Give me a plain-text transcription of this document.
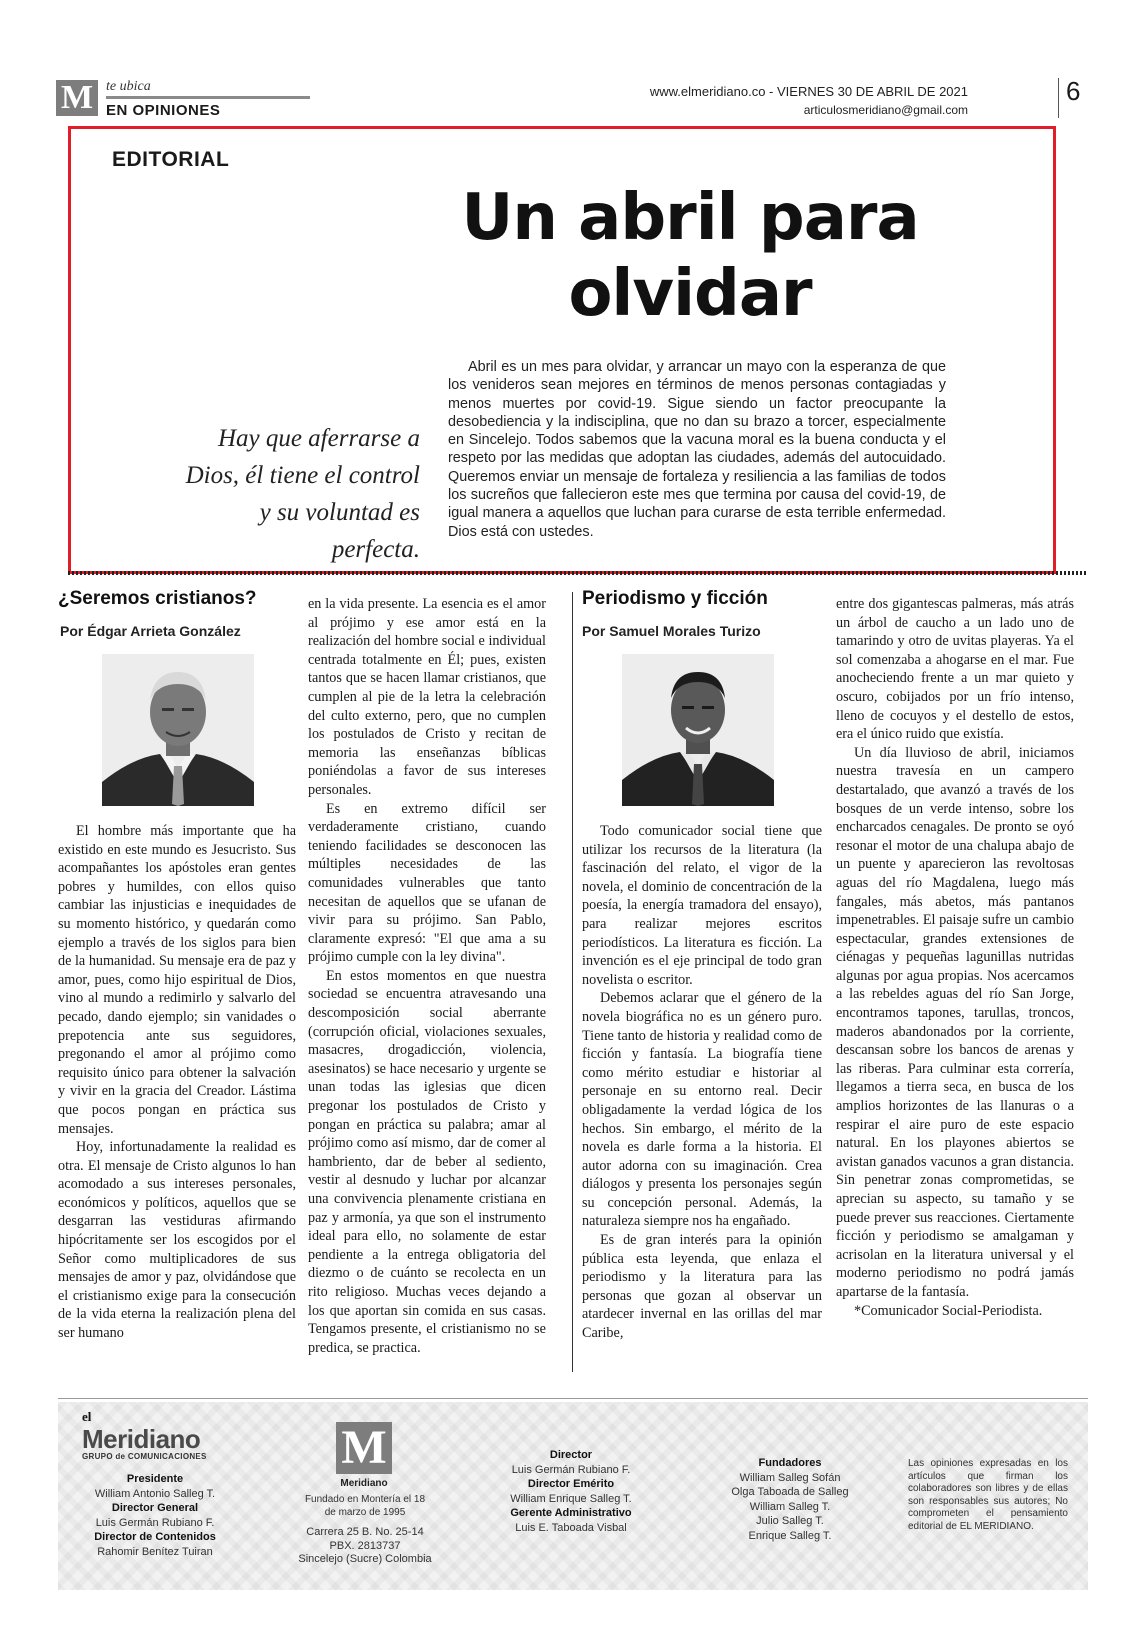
M te ubica
EN OPINIONES
www.elmeridiano.co - VIERNES 30 DE ABRIL DE 2021
articulosmeridiano@gmail.com
6
EDITORIAL
Un abril para
olvidar
Hay que aferrarse a Dios, él tiene el control y su voluntad es perfecta.
Abril es un mes para olvidar, y arrancar un mayo con la esperanza de que los venideros sean mejores en términos de menos personas contagiadas y menos muertes por covid-19. Sigue siendo un factor preocupante la desobediencia y la indisciplina, que no dan su brazo a torcer, especialmente en Sincelejo. Todos sabemos que la vacuna moral es la buena conducta y el respeto por las medidas que adoptan las ciudades, además del autocuidado. Queremos enviar un mensaje de fortaleza y resiliencia a las familias de todos los sucreños que fallecieron este mes que termina por causa del covid-19, de igual manera a aquellos que luchan para curarse de esta terrible enfermedad. Dios está con ustedes.
¿Seremos cristianos?
Por Édgar Arrieta González

El hombre más importante que ha existido en este mundo es Jesucristo. Sus acompañantes los apóstoles eran gentes pobres y humildes, con ellos quiso cambiar las injusticias e inequidades de su momento histórico, y quedarán como ejemplo a través de los siglos para bien de la humanidad. Su mensaje era de paz y amor, pues, como hijo espiritual de Dios, vino al mundo a redimirlo y salvarlo del pecado, dando ejemplo; sin vanidades o prepotencia ante sus seguidores, pregonando el amor al prójimo como requisito único para obtener la salvación y vivir en la gracia del Creador. Lástima que pocos pongan en práctica sus mensajes.

Hoy, infortunadamente la realidad es otra. El mensaje de Cristo algunos lo han acomodado a sus intereses personales, económicos y políticos, aquellos que se desgarran las vestiduras afirmando hipócritamente ser los escogidos por el Señor como multiplicadores de sus mensajes de amor y paz, olvidándose que el cristianismo exige para la consecución de la vida eterna la realización plena del ser humano

en la vida presente. La esencia es el amor al prójimo y ese amor está en la realización del hombre social e individual centrada totalmente en Él; pues, existen tantos que se hacen llamar cristianos, que cumplen al pie de la letra la celebración del culto externo, pero, que no cumplen los postulados de Cristo y recitan de memoria las enseñanzas bíblicas poniéndolas a favor de sus intereses personales.

Es en extremo difícil ser verdaderamente cristiano, cuando teniendo facilidades se desconocen las múltiples necesidades de las comunidades vulnerables que tanto necesitan de aquellos que se ufanan de vivir para su prójimo. San Pablo, claramente expresó: "El que ama a su prójimo cumple con la ley divina".

En estos momentos en que nuestra sociedad se encuentra atravesando una descomposición social aberrante (corrupción oficial, violaciones sexuales, masacres, drogadicción, violencia, asesinatos) se hace necesario y urgente se unan todas las iglesias que dicen pregonar los postulados de Cristo y pongan en práctica su palabra; amar al prójimo como así mismo, dar de comer al hambriento, dar de beber al sediento, vestir al desnudo y luchar por alcanzar una convivencia plenamente cristiana en paz y armonía, ya que son el instrumento ideal para ello, no solamente de estar pendiente a la entrega obligatoria del diezmo o de cuánto se recolecta en un rito religioso. Muchas veces dejando a los que aportan sin comida en sus casas. Tengamos presente, el cristianismo no se predica, se practica.

Periodismo y ficción
Por Samuel Morales Turizo

Todo comunicador social tiene que utilizar los recursos de la literatura (la fascinación del relato, el vigor de la novela, el dominio de concentración de la poesía, la energía tramadora del ensayo), para realizar mejores escritos periodísticos. La literatura es ficción. La invención es el eje principal de todo gran novelista o escritor.

Debemos aclarar que el género de la novela biográfica no es un género puro. Tiene tanto de historia y realidad como de ficción y fantasía. La biografía tiene como mérito estudiar e historiar al personaje en su entorno real. Decir obligadamente la verdad lógica de los hechos. Sin embargo, el mérito de la novela es darle forma a la historia. El autor adorna con su imaginación. Crea diálogos y presenta los personajes según su concepción personal. Además, la naturaleza siempre nos ha engañado.

Es de gran interés para la opinión pública esta leyenda, que enlaza el periodismo y la literatura para las personas que gozan al observar un atardecer invernal en las orillas del mar Caribe,

entre dos gigantescas palmeras, más atrás un árbol de caucho a un lado uno de tamarindo y otro de uvitas playeras. Ya el sol comenzaba a ahogarse en el mar. Fue anocheciendo frente a un mar quieto y oscuro, cobijados por un frío intenso, lleno de cocuyos y el destello de estos, era el único ruido que existía.

Un día lluvioso de abril, iniciamos nuestra travesía en un campero destartalado, que avanzó a través de los bosques de un verde intenso, sobre los encharcados cenagales. De pronto se oyó resonar el motor de una chalupa abajo de un puente y aparecieron las revoltosas aguas del río Magdalena, luego más fangales, más abetos, más pantanos impenetrables. El paisaje sufre un cambio espectacular, grandes extensiones de ciénagas y pequeñas lagunillas nutridas algunas por agua propias. Nos acercamos a las rebeldes aguas del río San Jorge, encontramos tapones, tarullas, troncos, maderos abandonados por la corriente, descansan sobre los bancos de arenas y las riberas. Para culminar esta correría, llegamos a tierra seca, en busca de los amplios horizontes de las llanuras o a respirar el aire puro de este espacio natural. En los playones abiertos se avistan ganados vacunos a gran distancia. Sin penetrar zonas comprometidas, se aprecian su aspecto, su tamaño y se puede prever sus reacciones. Ciertamente ficción y periodismo se amalgaman y acrisolan en la literatura universal y el moderno periodismo no podrá jamás apartarse de la fantasía.

*Comunicador Social-Periodista.

el
Meridiano
GRUPO de COMUNICACIONES
Presidente
William Antonio Salleg T.
Director General
Luis Germán Rubiano F.
Director de Contenidos
Rahomir Benítez Tuiran
M
Meridiano
Fundado en Montería el 18 de marzo de 1995
Carrera 25 B. No. 25-14
PBX. 2813737
Sincelejo (Sucre) Colombia
Director
Luis Germán Rubiano F.
Director Emérito
William Enrique Salleg T.
Gerente Administrativo
Luis E. Taboada Visbal
Fundadores
William Salleg Sofán
Olga Taboada de Salleg
William Salleg T.
Julio Salleg T.
Enrique Salleg T.
Las opiniones expresadas en los artículos que firman los colaboradores son libres y de ellas son responsables sus autores; No comprometen el pensamiento editorial de EL MERIDIANO.
